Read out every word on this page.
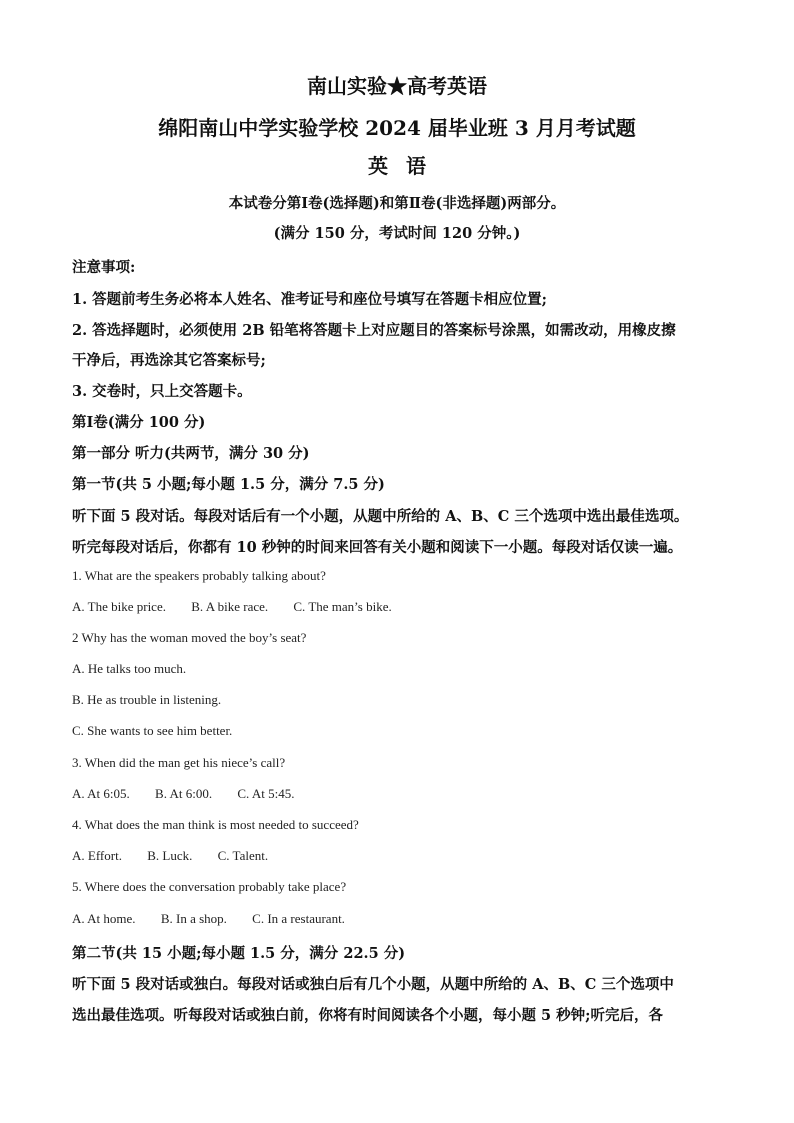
南山实验★高考英语
绵阳南山中学实验学校 2024 届毕业班 3 月月考试题
英语
本试卷分第Ⅰ卷(选择题)和第Ⅱ卷(非选择题)两部分。
(满分 150 分，考试时间 120 分钟。)
注意事项:
1. 答题前考生务必将本人姓名、准考证号和座位号填写在答题卡相应位置;
2. 答选择题时，必须使用 2B 铅笔将答题卡上对应题目的答案标号涂黑，如需改动，用橡皮擦
干净后，再选涂其它答案标号;
3. 交卷时，只上交答题卡。
第Ⅰ卷(满分 100 分)
第一部分 听力(共两节，满分 30 分)
第一节(共 5 小题;每小题 1.5 分，满分 7.5 分)
听下面 5 段对话。每段对话后有一个小题，从题中所给的 A、B、C 三个选项中选出最佳选项。
听完每段对话后，你都有 10 秒钟的时间来回答有关小题和阅读下一小题。每段对话仅读一遍。
1. What are the speakers probably talking about?
A. The bike price. B. A bike race. C. The man’s bike.
2 Why has the woman moved the boy’s seat?
A. He talks too much.
B. He as trouble in listening.
C. She wants to see him better.
3. When did the man get his niece’s call?
A. At 6:05. B. At 6:00. C. At 5:45.
4. What does the man think is most needed to succeed?
A. Effort. B. Luck. C. Talent.
5. Where does the conversation probably take place?
A. At home. B. In a shop. C. In a restaurant.
第二节(共 15 小题;每小题 1.5 分，满分 22.5 分)
听下面 5 段对话或独白。每段对话或独白后有几个小题，从题中所给的 A、B、C 三个选项中
选出最佳选项。听每段对话或独白前，你将有时间阅读各个小题，每小题 5 秒钟;听完后，各
